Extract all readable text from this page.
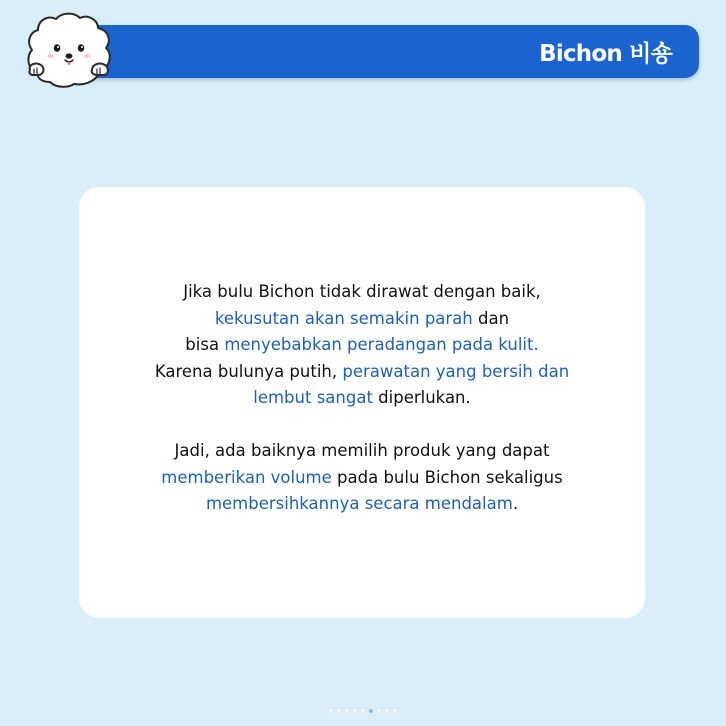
Bichon 비숑

Jika bulu Bichon tidak dirawat dengan baik,
kekusutan akan semakin parah dan
bisa menyebabkan peradangan pada kulit.
Karena bulunya putih, perawatan yang bersih dan
lembut sangat diperlukan.

Jadi, ada baiknya memilih produk yang dapat
memberikan volume pada bulu Bichon sekaligus
membersihkannya secara mendalam.
